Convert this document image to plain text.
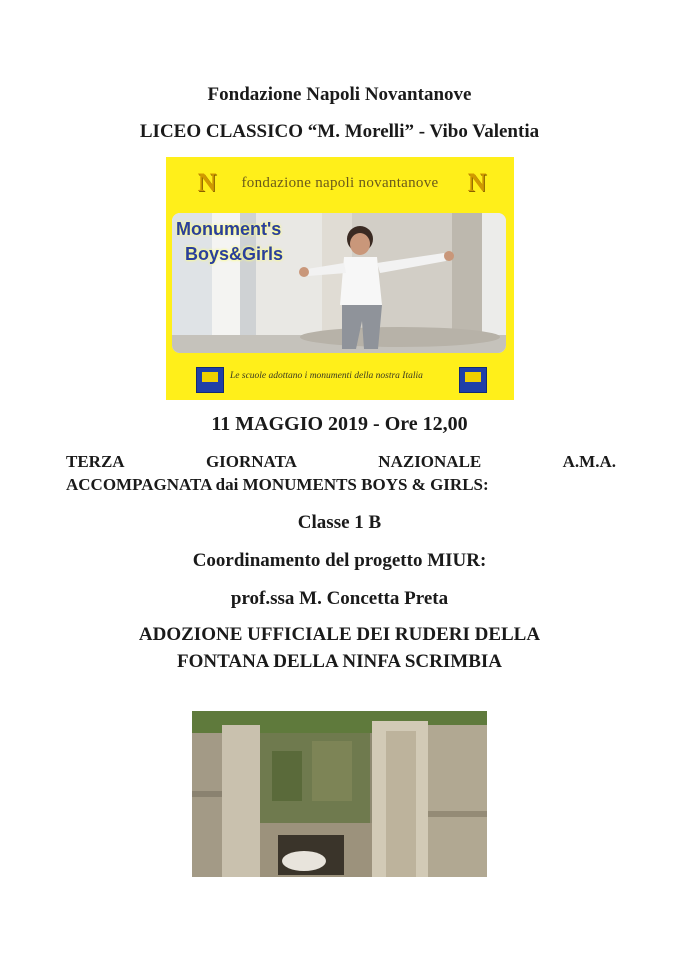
Fondazione Napoli Novantanove
LICEO CLASSICO “M. Morelli” - Vibo Valentia
N	fondazione napoli novantanove	N
Monument's
Boys&Girls
Le scuole adottano i monumenti della nostra Italia
11 MAGGIO 2019 - Ore 12,00
TERZA	GIORNATA	NAZIONALE	A.M.A.
ACCOMPAGNATA dai MONUMENTS BOYS & GIRLS:
Classe 1 B
Coordinamento del progetto MIUR:
prof.ssa M. Concetta Preta
ADOZIONE UFFICIALE DEI RUDERI DELLA
FONTANA DELLA NINFA SCRIMBIA
